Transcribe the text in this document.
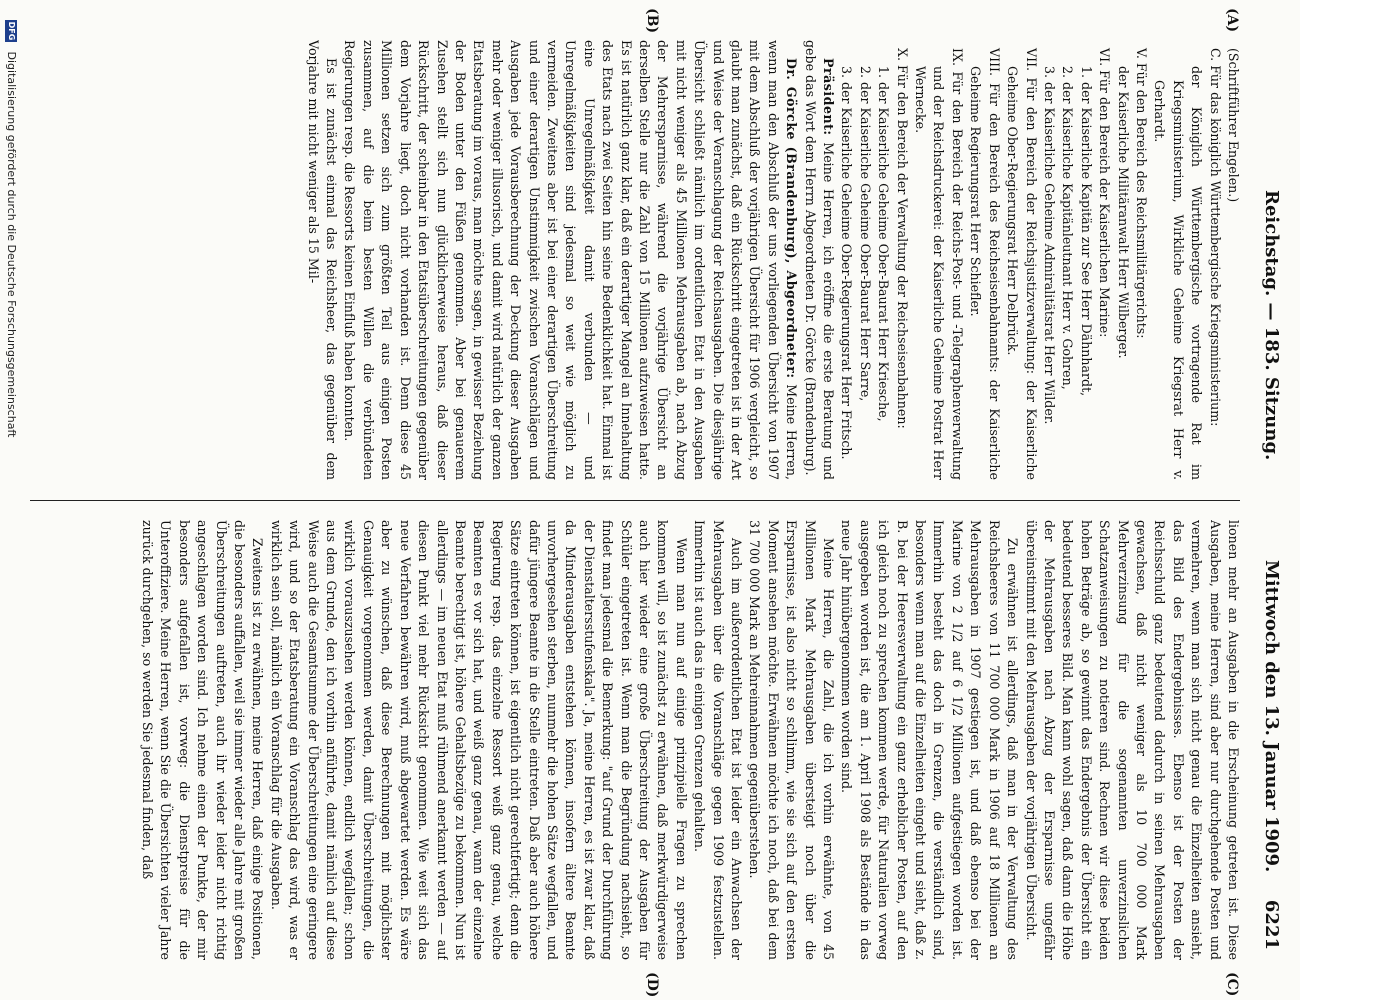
Reichstag. — 183. Sitzung.
Mittwoch den 13. Januar 1909.
6221
(A)
(B)
(C)
(D)
(Schriftführer Engelen.)
C. Für das königlich Württembergische Kriegsministerium:
der Königlich Württembergische vortragende Rat im Kriegsministerium, Wirkliche Geheime Kriegsrat Herr v. Gerhardt.
V. Für den Bereich des Reichsmilitärgerichts:
der Kaiserliche Militäranwalt Herr Wilberger.
VI. Für den Bereich der Kaiserlichen Marine:
1. der Kaiserliche Kapitän zur See Herr Dähnhardt,
2. der Kaiserliche Kapitänleutnant Herr v. Gohren,
3. der Kaiserliche Geheime Admiralitätsrat Herr Wilder.
VII. Für den Bereich der Reichsjustizverwaltung: der Kaiserliche Geheime Ober-Regierungsrat Herr Delbrück.
VIII. Für den Bereich des Reichseisenbahnamts: der Kaiserliche Geheime Regierungsrat Herr Schiefler.
IX. Für den Bereich der Reichs-Post- und -Telegraphenverwaltung und der Reichsdruckerei: der Kaiserliche Geheime Postrat Herr Wernecke.
X. Für den Bereich der Verwaltung der Reichseisenbahnen:
1. der Kaiserliche Geheime Ober-Baurat Herr Kriesche,
2. der Kaiserliche Geheime Ober-Baurat Herr Sarre,
3. der Kaiserliche Geheime Ober-Regierungsrat Herr Fritsch.

Präsident: Meine Herren, ich eröffne die erste Beratung und gebe das Wort dem Herrn Abgeordneten Dr. Görcke (Brandenburg).

Dr. Görcke (Brandenburg), Abgeordneter: Meine Herren, wenn man den Abschluß der uns vorliegenden Übersicht von 1907 mit dem Abschluß der vorjährigen Übersicht für 1906 vergleicht, so glaubt man zunächst, daß ein Rückschritt eingetreten ist in der Art und Weise der Veranschlagung der Reichsausgaben. Die diesjährige Übersicht schließt nämlich im ordentlichen Etat in den Ausgaben mit nicht weniger als 45 Millionen Mehrausgaben ab, nach Abzug der Mehrersparnisse, während die vorjährige Übersicht an derselben Stelle nur die Zahl von 15 Millionen aufzuweisen hatte. Es ist natürlich ganz klar, daß ein derartiger Mangel an Innehaltung des Etats nach zwei Seiten hin seine Bedenklichkeit hat. Einmal ist eine Unregelmäßigkeit damit verbunden — und Unregelmäßigkeiten sind jedesmal so weit wie möglich zu vermeiden. Zweitens aber ist bei einer derartigen Überschreitung und einer derartigen Unstimmigkeit zwischen Voranschlägen und Ausgaben jede Vorausberechnung der Deckung dieser Ausgaben mehr oder weniger illusorisch, und damit wird natürlich der ganzen Etatsberatung im voraus, man möchte sagen, in gewisser Beziehung der Boden unter den Füßen genommen. Aber bei genauerem Zusehen stellt sich nun glücklicherweise heraus, daß dieser Rückschritt, der scheinbar in den Etatsüberschreitungen gegenüber dem Vorjahre liegt, doch nicht vorhanden ist. Denn diese 45 Millionen setzen sich zum größten Teil aus einigen Posten zusammen, auf die beim besten Willen die verbündeten Regierungen resp. die Ressorts keinen Einfluß haben konnten.

Es ist zunächst einmal das Reichsheer, das gegenüber dem Vorjahre mit nicht weniger als 15 Mil-

lionen mehr an Ausgaben in die Erscheinung getreten ist. Diese Ausgaben, meine Herren, sind aber nur durchgehende Posten und vermehren, wenn man sich nicht genau die Einzelheiten ansieht, das Bild des Endergebnisses. Ebenso ist der Posten der Reichsschuld ganz bedeutend dadurch in seinen Mehrausgaben gewachsen, daß nicht weniger als 10 700 000 Mark Mehrverzinsung für die sogenannten unverzinslichen Schatzanweisungen zu notieren sind. Rechnen wir diese beiden hohen Beträge ab, so gewinnt das Endergebnis der Übersicht ein bedeutend besseres Bild. Man kann wohl sagen, daß dann die Höhe der Mehrausgaben nach Abzug der Ersparnisse ungefähr übereinstimmt mit den Mehrausgaben der vorjährigen Übersicht.

Zu erwähnen ist allerdings, daß man in der Verwaltung des Reichsheeres von 11 700 000 Mark in 1906 auf 18 Millionen an Mehrausgaben in 1907 gestiegen ist, und daß ebenso bei der Marine von 2 1/2 auf 6 1/2 Millionen aufgestiegen worden ist. Immerhin besteht das doch in Grenzen, die verständlich sind, besonders wenn man auf die Einzelheiten eingeht und sieht, daß z. B. bei der Heeresverwaltung ein ganz erheblicher Posten, auf den ich gleich noch zu sprechen kommen werde, für Naturalien vorweg ausgegeben worden ist, die am 1. April 1908 als Bestände in das neue Jahr hinübergenommen worden sind.

Meine Herren, die Zahl, die ich vorhin erwähnte, von 45 Millionen Mark Mehrausgaben übersteigt noch über die Ersparnisse, ist also nicht so schlimm, wie sie sich auf den ersten Moment ansehen möchte. Erwähnen möchte ich noch, daß bei dem 31 700 000 Mark an Mehreinnahmen gegenüberstehen.

Auch im außerordentlichen Etat ist leider ein Anwachsen der Mehrausgaben über die Voranschläge gegen 1909 festzustellen. Immerhin ist auch das in einigen Grenzen gehalten.

Wenn man nun auf einige prinzipielle Fragen zu sprechen kommen will, so ist zunächst zu erwähnen, daß merkwürdigerweise auch hier wieder eine große Überschreitung der Ausgaben für Schüler eingetreten ist. Wenn man die Begründung nachsieht, so findet man jedesmal die Bemerkung: "auf Grund der Durchführung der Dienstaltersstufenskala". Ja, meine Herren, es ist zwar klar, daß da Minderausgaben entstehen können, insofern ältere Beamte unvorhergesehen sterben, nunmehr die hohen Sätze wegfallen, und dafür jüngere Beamte in die Stelle eintreten. Daß aber auch höhere Sätze eintreten können, ist eigentlich nicht gerechtfertigt; denn die Regierung resp. das einzelne Ressort weiß ganz genau, welche Beamten es vor sich hat, und weiß ganz genau, wann der einzelne Beamte berechtigt ist, höhere Gehaltsbezüge zu bekommen. Nun ist allerdings — im neuen Etat muß rühmend anerkannt werden — auf diesen Punkt viel mehr Rücksicht genommen. Wie weit sich das neue Verfahren bewähren wird, muß abgewartet werden. Es wäre aber zu wünschen, daß diese Berechnungen mit möglichster Genauigkeit vorgenommen werden, damit Überschreitungen, die wirklich vorauszusehen werden können, endlich wegfallen; schon aus dem Grunde, den ich vorhin anführte, damit nämlich auf diese Weise auch die Gesamtsumme der Überschreitungen eine geringere wird, und so der Etatsberatung ein Voranschlag das wird, was er wirklich sein soll, nämlich ein Voranschlag für die Ausgaben.

Zweitens ist zu erwähnen, meine Herren, daß einige Positionen, die besonders auffallen, weil sie immer wieder alle Jahre mit großen Überschreitungen auftreten, auch ihr wieder leider nicht richtig angeschlagen worden sind. Ich nehme einen der Punkte, der mir besonders aufgefallen ist, vorweg: die Dienstpreise für die Unteroffiziere. Meine Herren, wenn Sie die Übersichten vieler Jahre zurück durchgehen, so werden Sie jedesmal finden, daß

DFG Digitalisierung gefördert durch die Deutsche Forschungsgemeinschaft
